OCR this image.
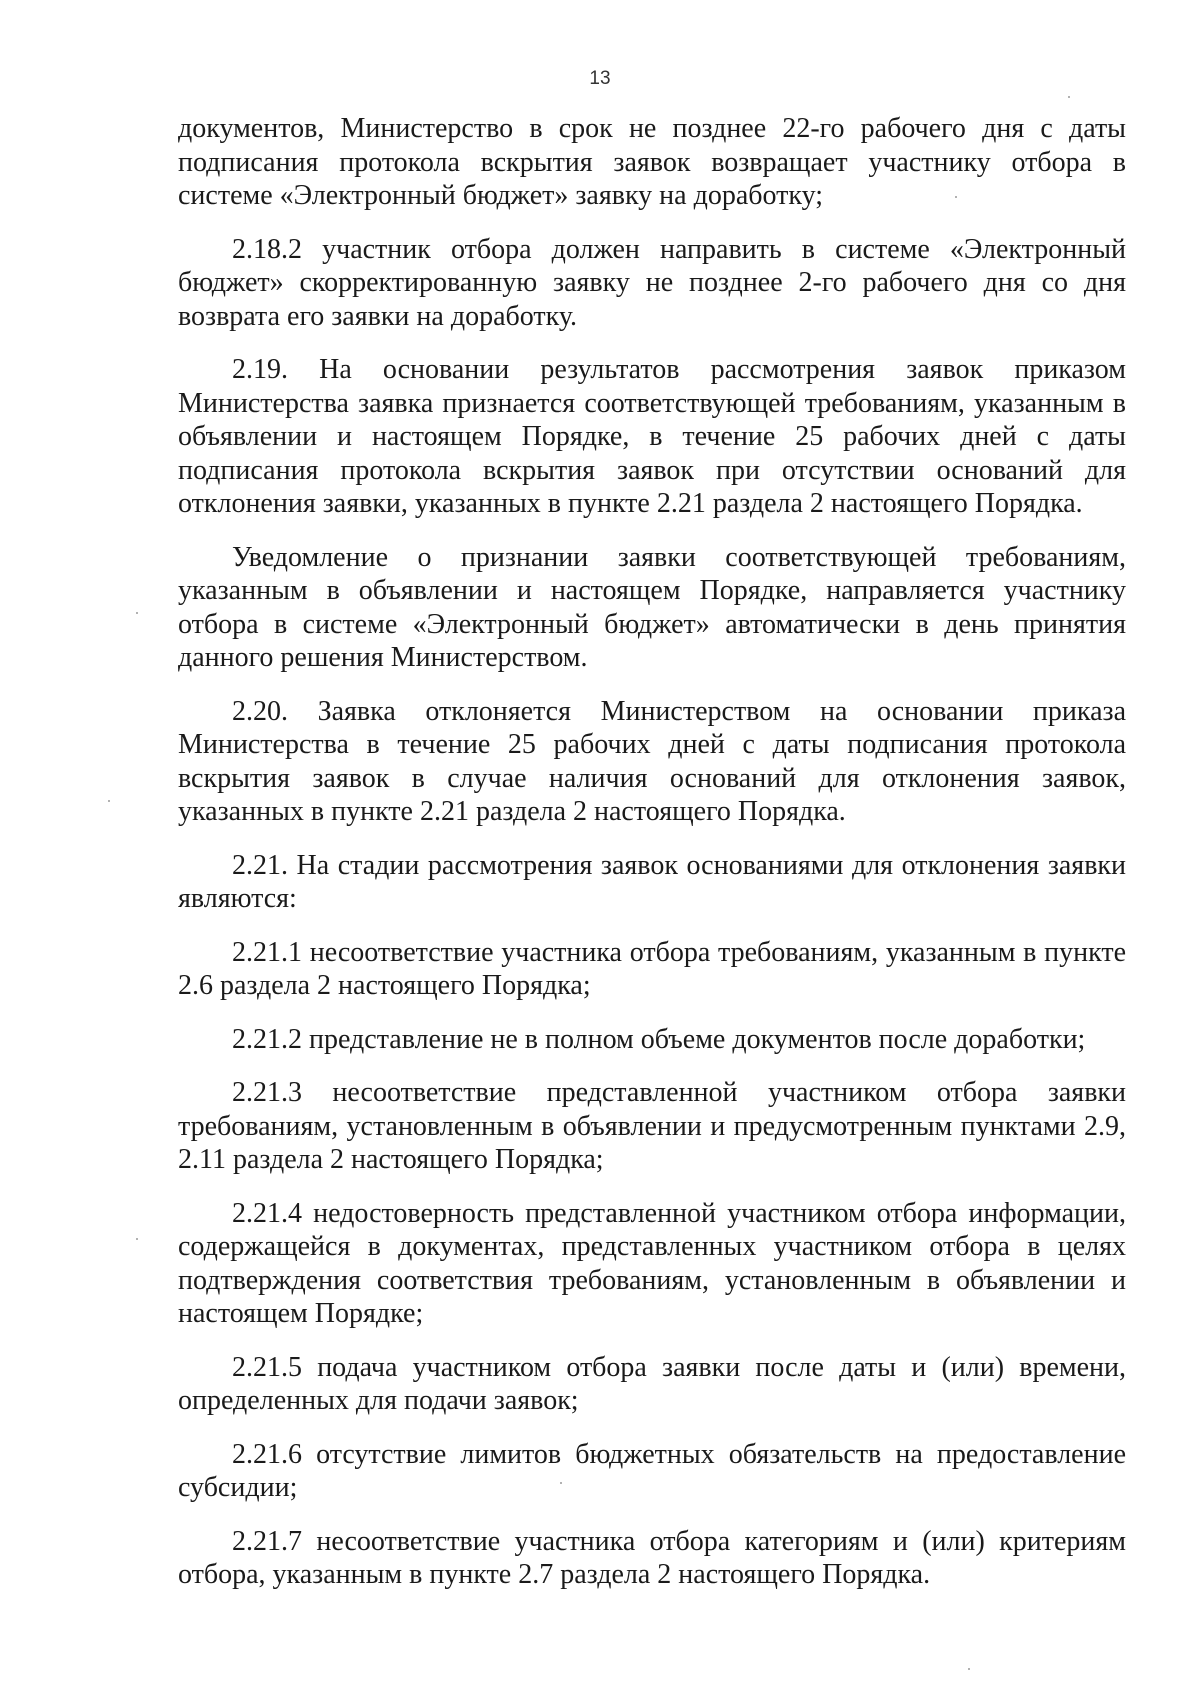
13

документов, Министерство в срок не позднее 22-го рабочего дня с даты подписания протокола вскрытия заявок возвращает участнику отбора в системе «Электронный бюджет» заявку на доработку;

2.18.2 участник отбора должен направить в системе «Электронный бюджет» скорректированную заявку не позднее 2-го рабочего дня со дня возврата его заявки на доработку.

2.19. На основании результатов рассмотрения заявок приказом Министерства заявка признается соответствующей требованиям, указанным в объявлении и настоящем Порядке, в течение 25 рабочих дней с даты подписания протокола вскрытия заявок при отсутствии оснований для отклонения заявки, указанных в пункте 2.21 раздела 2 настоящего Порядка.

Уведомление о признании заявки соответствующей требованиям, указанным в объявлении и настоящем Порядке, направляется участнику отбора в системе «Электронный бюджет» автоматически в день принятия данного решения Министерством.

2.20. Заявка отклоняется Министерством на основании приказа Министерства в течение 25 рабочих дней с даты подписания протокола вскрытия заявок в случае наличия оснований для отклонения заявок, указанных в пункте 2.21 раздела 2 настоящего Порядка.

2.21. На стадии рассмотрения заявок основаниями для отклонения заявки являются:

2.21.1 несоответствие участника отбора требованиям, указанным в пункте 2.6 раздела 2 настоящего Порядка;

2.21.2 представление не в полном объеме документов после доработки;

2.21.3 несоответствие представленной участником отбора заявки требованиям, установленным в объявлении и предусмотренным пунктами 2.9, 2.11 раздела 2 настоящего Порядка;

2.21.4 недостоверность представленной участником отбора информации, содержащейся в документах, представленных участником отбора в целях подтверждения соответствия требованиям, установленным в объявлении и настоящем Порядке;

2.21.5 подача участником отбора заявки после даты и (или) времени, определенных для подачи заявок;

2.21.6 отсутствие лимитов бюджетных обязательств на предоставление субсидии;

2.21.7 несоответствие участника отбора категориям и (или) критериям отбора, указанным в пункте 2.7 раздела 2 настоящего Порядка.
